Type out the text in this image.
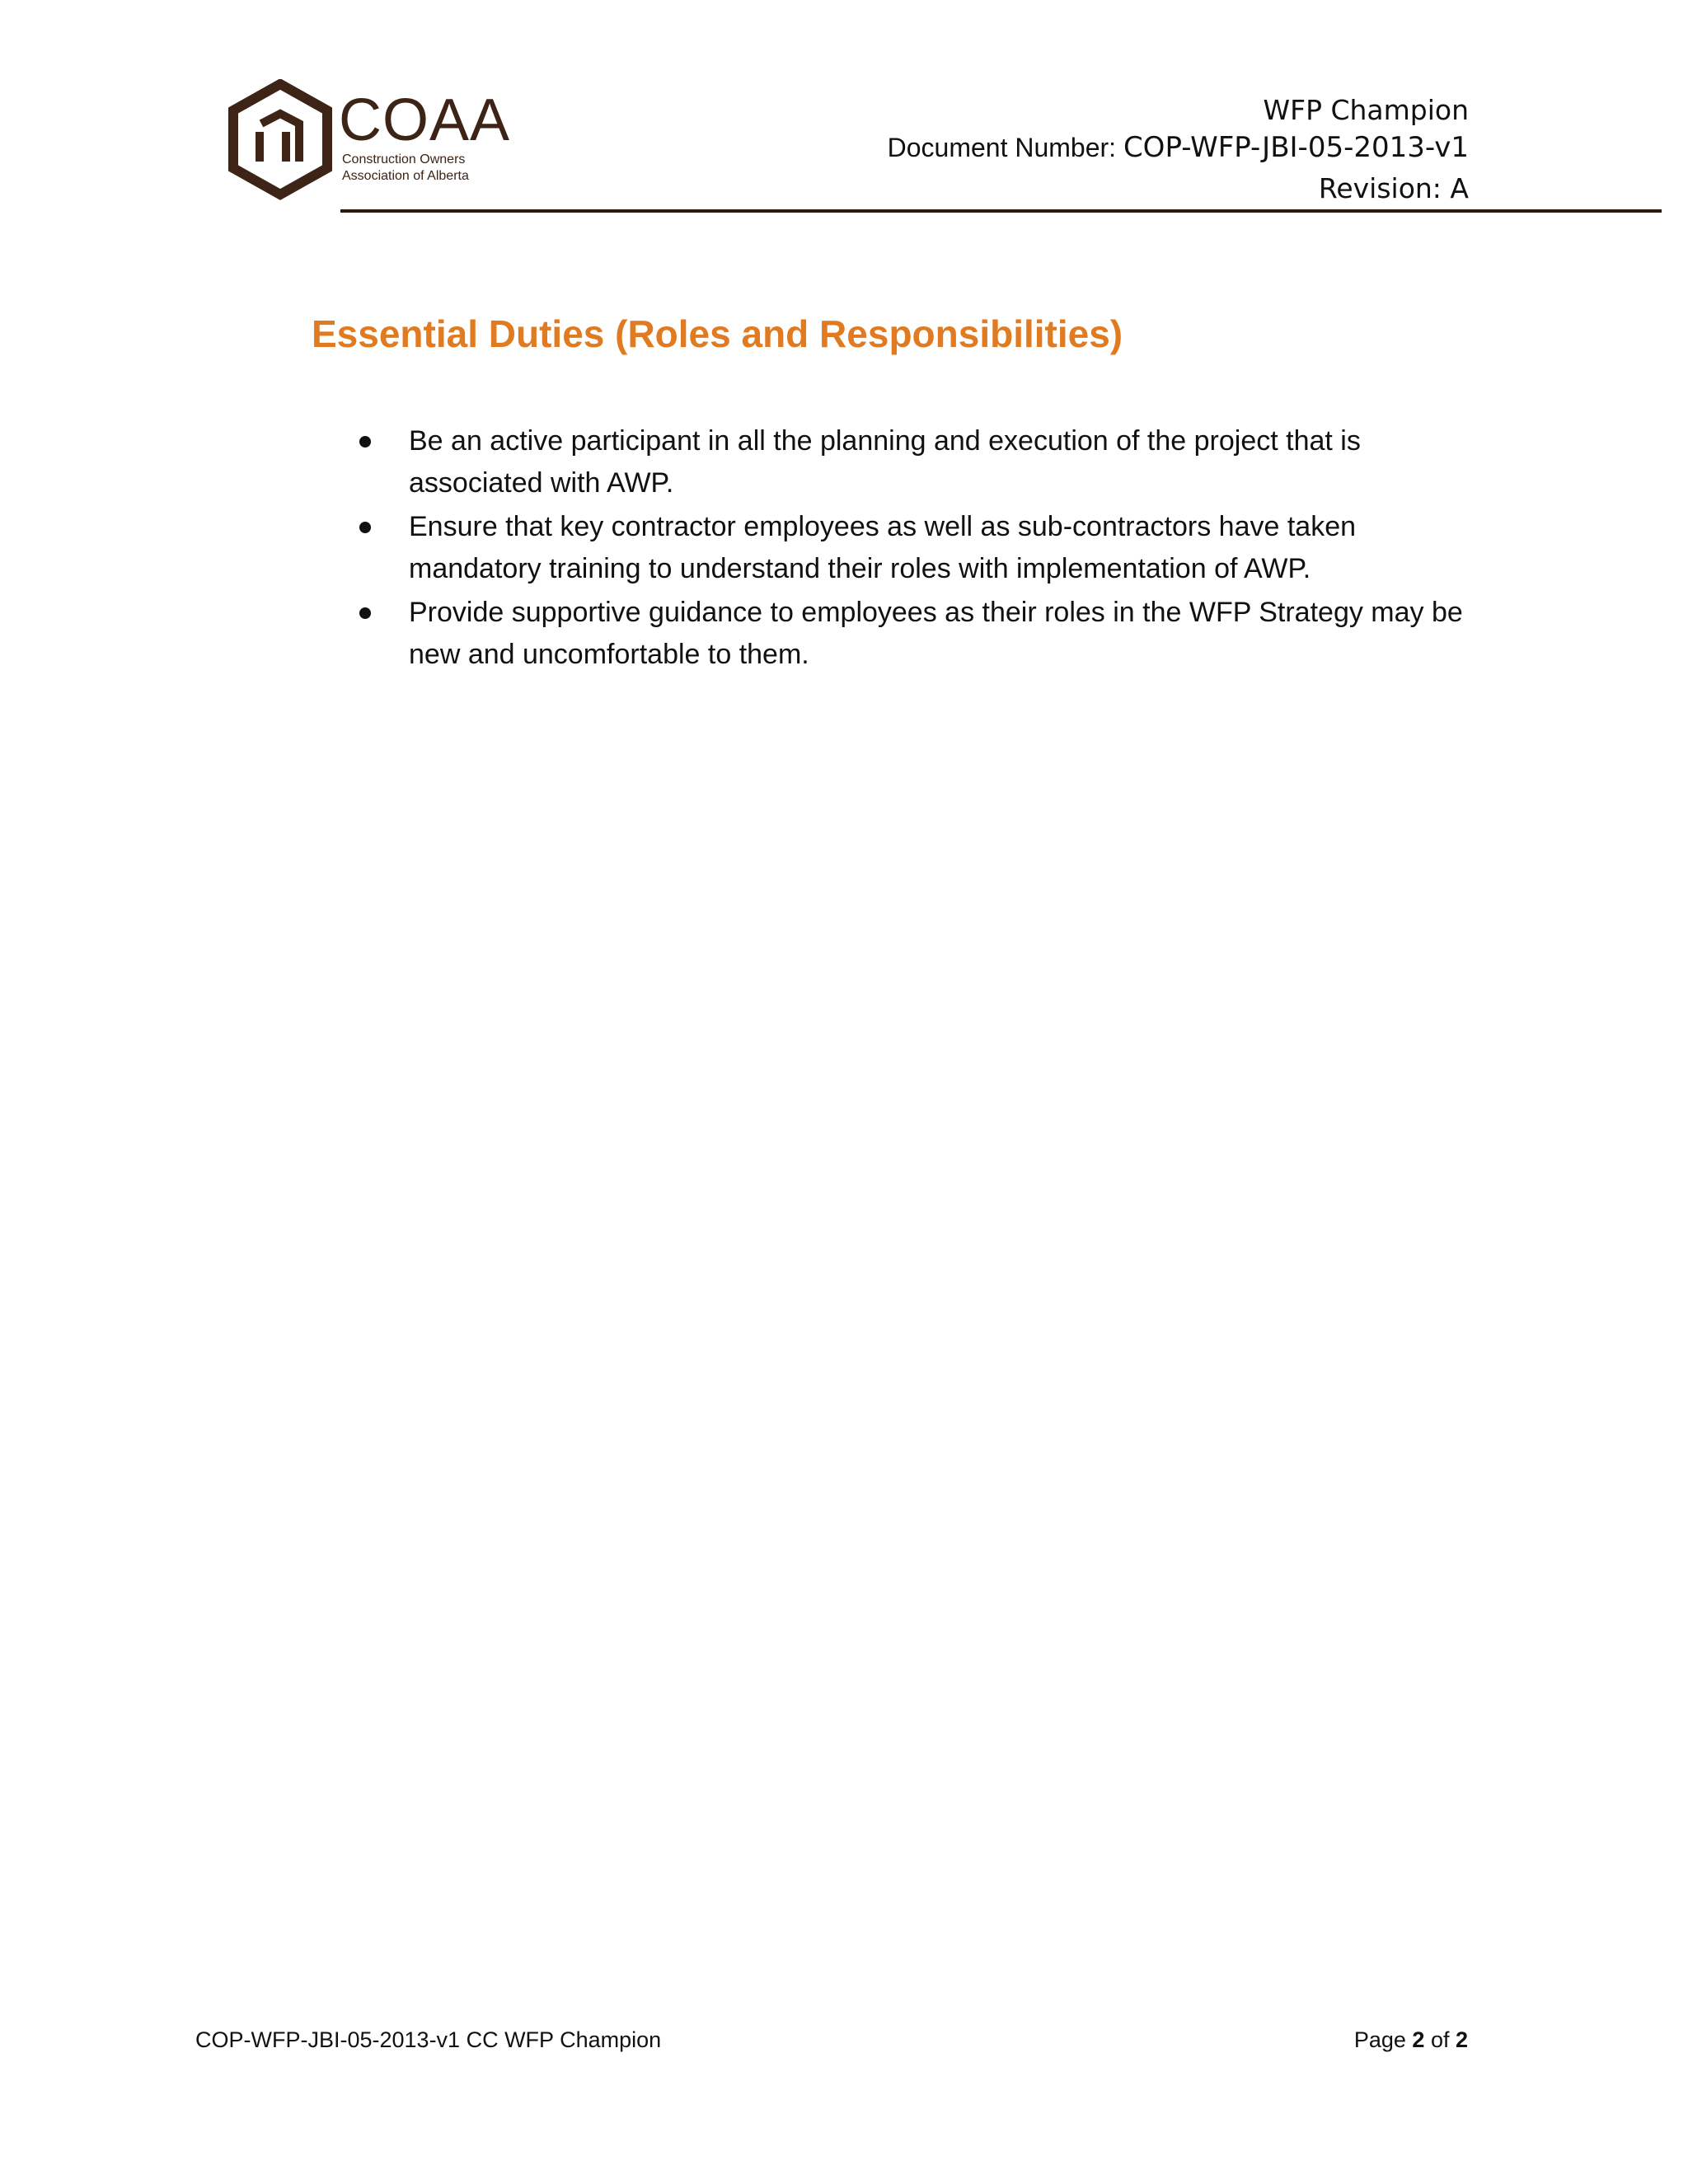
COAA
Construction Owners
Association of Alberta
WFP Champion
Document Number: COP-WFP-JBI-05-2013-v1
Revision: A
Essential Duties (Roles and Responsibilities)
Be an active participant in all the planning and execution of the project that is associated with AWP.
Ensure that key contractor employees as well as sub-contractors have taken mandatory training to understand their roles with implementation of AWP.
Provide supportive guidance to employees as their roles in the WFP Strategy may be new and uncomfortable to them.
COP-WFP-JBI-05-2013-v1 CC WFP Champion	Page 2 of 2
